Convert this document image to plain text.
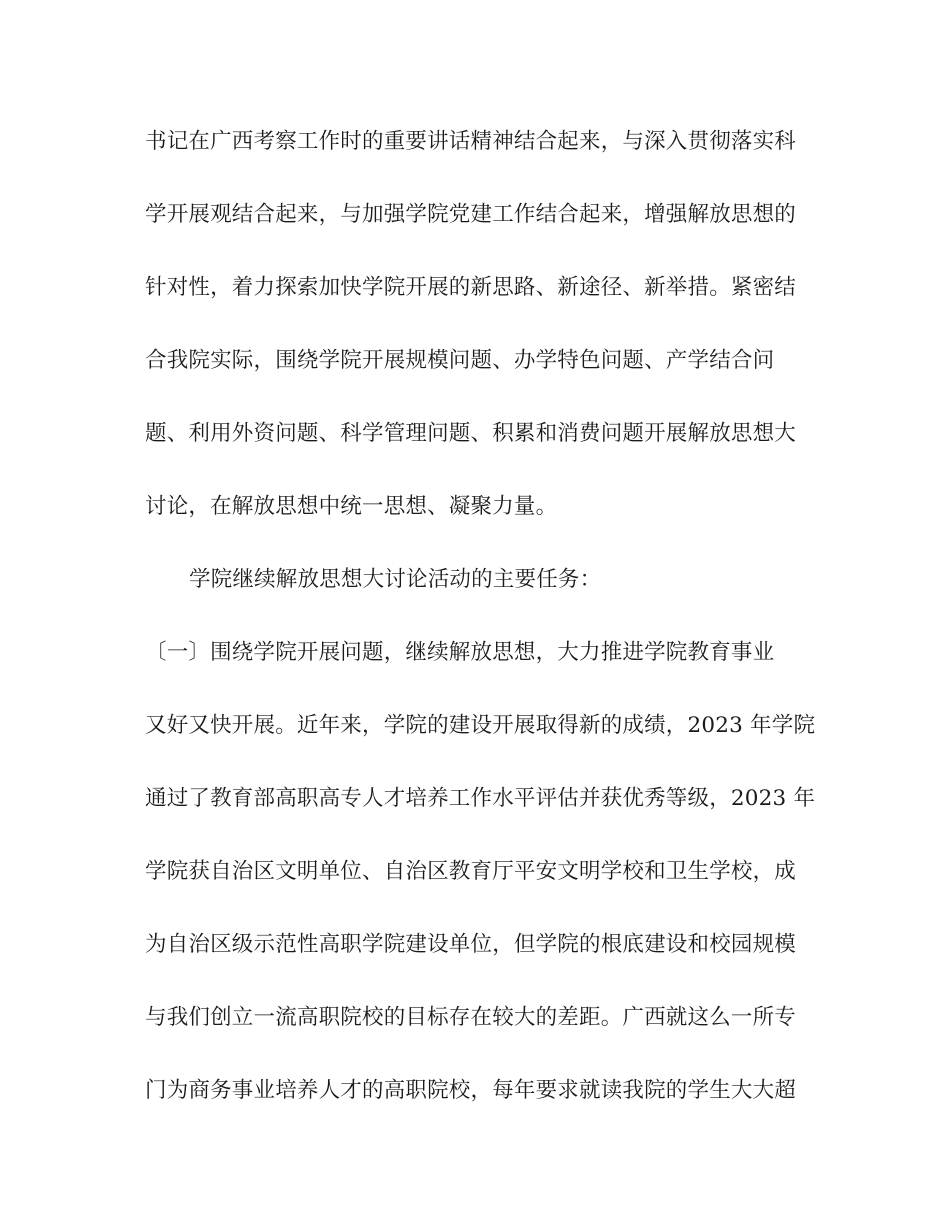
书记在广西考察工作时的重要讲话精神结合起来，与深入贯彻落实科
学开展观结合起来，与加强学院党建工作结合起来，增强解放思想的
针对性，着力探索加快学院开展的新思路、新途径、新举措。紧密结
合我院实际，围绕学院开展规模问题、办学特色问题、产学结合问
题、利用外资问题、科学管理问题、积累和消费问题开展解放思想大
讨论，在解放思想中统一思想、凝聚力量。
学院继续解放思想大讨论活动的主要任务：
〔一〕围绕学院开展问题，继续解放思想，大力推进学院教育事业
又好又快开展。近年来，学院的建设开展取得新的成绩，2023 年学院
通过了教育部高职高专人才培养工作水平评估并获优秀等级，2023 年
学院获自治区文明单位、自治区教育厅平安文明学校和卫生学校，成
为自治区级示范性高职学院建设单位，但学院的根底建设和校园规模
与我们创立一流高职院校的目标存在较大的差距。广西就这么一所专
门为商务事业培养人才的高职院校，每年要求就读我院的学生大大超
